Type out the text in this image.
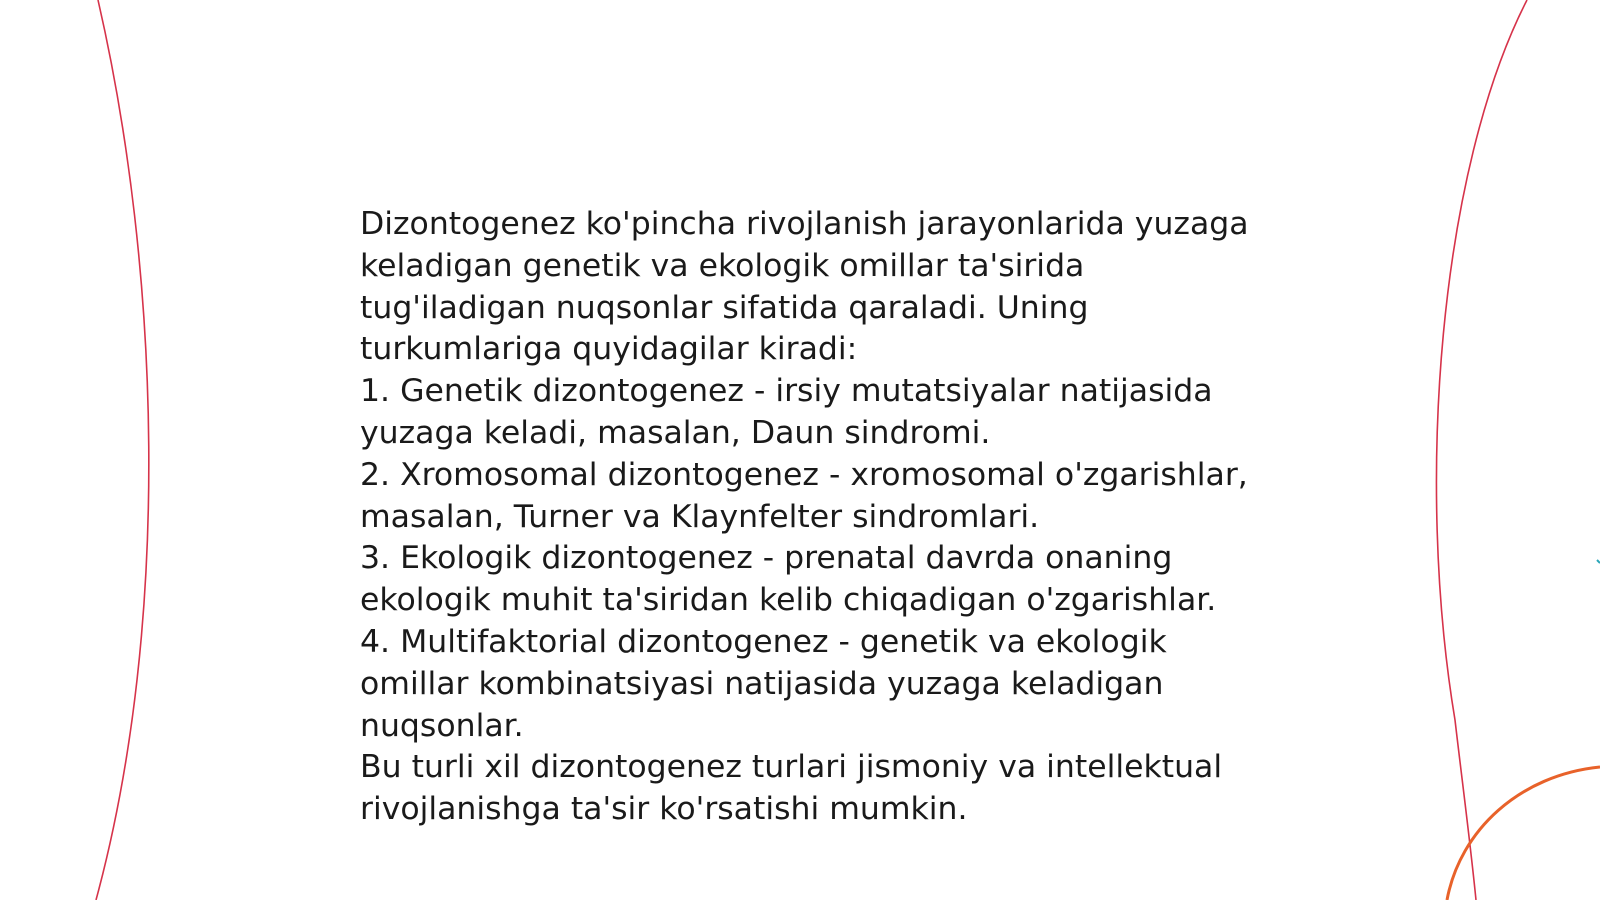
Dizontogenez ko'pincha rivojlanish jarayonlarida yuzaga keladigan genetik va ekologik omillar ta'sirida tug'iladigan nuqsonlar sifatida qaraladi. Uning turkumlariga quyidagilar kiradi:

1. Genetik dizontogenez - irsiy mutatsiyalar natijasida yuzaga keladi, masalan, Daun sindromi.

2. Xromosomal dizontogenez - xromosomal o'zgarishlar, masalan, Turner va Klaynfelter sindromlari.

3. Ekologik dizontogenez - prenatal davrda onaning ekologik muhit ta'siridan kelib chiqadigan o'zgarishlar.

4. Multifaktorial dizontogenez - genetik va ekologik omillar kombinatsiyasi natijasida yuzaga keladigan nuqsonlar.

Bu turli xil dizontogenez turlari jismoniy va intellektual rivojlanishga ta'sir ko'rsatishi mumkin.
